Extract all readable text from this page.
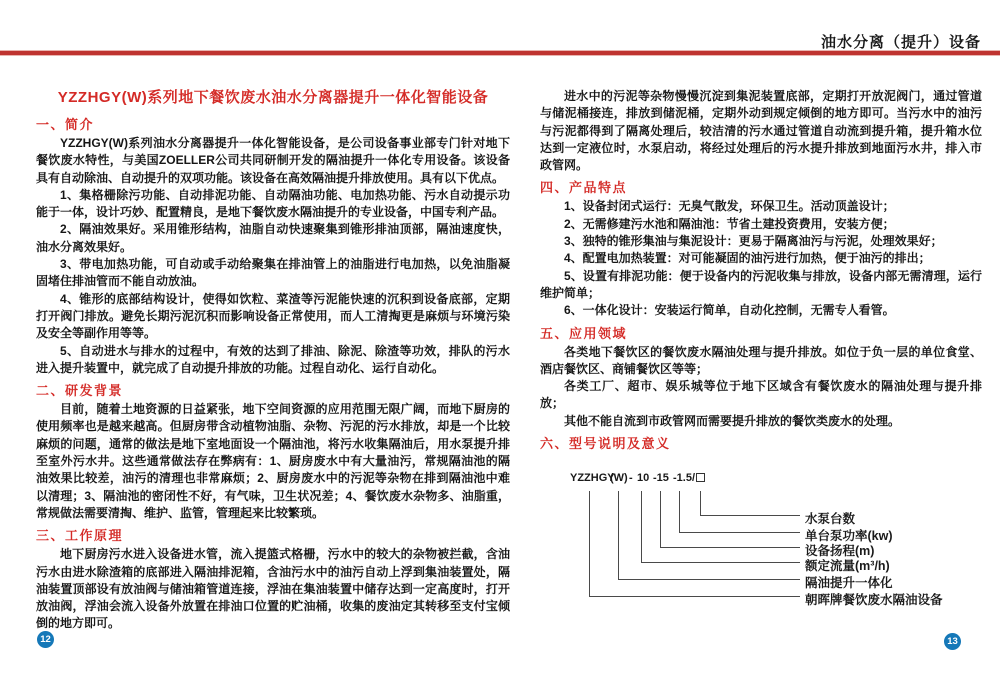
油水分离（提升）设备
YZZHGY(W)系列地下餐饮废水油水分离器提升一体化智能设备
一、简介

YZZHGY(W)系列油水分离器提升一体化智能设备，是公司设备事业部专门针对地下餐饮废水特性，与美国ZOELLER公司共同研制开发的隔油提升一体化专用设备。该设备具有自动除油、自动提升的双项功能。该设备在高效隔油提升排放使用。具有以下优点。

1、集格栅除污功能、自动排泥功能、自动隔油功能、电加热功能、污水自动提示功能于一体，设计巧妙、配置精良，是地下餐饮废水隔油提升的专业设备，中国专利产品。

2、隔油效果好。采用锥形结构，油脂自动快速聚集到锥形排油顶部，隔油速度快，油水分离效果好。

3、带电加热功能，可自动或手动给聚集在排油管上的油脂进行电加热，以免油脂凝固堵住排油管而不能自动放油。

4、锥形的底部结构设计，使得如饮粒、菜渣等污泥能快速的沉积到设备底部，定期打开阀门排放。避免长期污泥沉积而影响设备正常使用，而人工清掏更是麻烦与环境污染及安全等副作用等等。

5、自动进水与排水的过程中，有效的达到了排油、除泥、除渣等功效，排队的污水进入提升装置中，就完成了自动提升排放的功能。过程自动化、运行自动化。

二、研发背景

目前，随着土地资源的日益紧张，地下空间资源的应用范围无限广阔，而地下厨房的使用频率也是越来越高。但厨房带含动植物油脂、杂物、污泥的污水排放，却是一个比较麻烦的问题，通常的做法是地下室地面设一个隔油池，将污水收集隔油后，用水泵提升排至室外污水井。这些通常做法存在弊病有：1、厨房废水中有大量油污，常规隔油池的隔油效果比较差，油污的清理也非常麻烦；2、厨房废水中的污泥等杂物在排到隔油池中难以清理；3、隔油池的密闭性不好，有气味，卫生状况差；4、餐饮废水杂物多、油脂重，常规做法需要清掏、维护、监管，管理起来比较繁琐。

三、工作原理

地下厨房污水进入设备进水管，流入提篮式格栅，污水中的较大的杂物被拦截，含油污水由进水除渣箱的底部进入隔油排泥箱，含油污水中的油污自动上浮到集油装置处，隔油装置顶部设有放油阀与储油箱管道连接，浮油在集油装置中储存达到一定高度时，打开放油阀，浮油会流入设备外放置在排油口位置的贮油桶，收集的废油定其转移至支付宝倾倒的地方即可。

进水中的污泥等杂物慢慢沉淀到集泥装置底部，定期打开放泥阀门，通过管道与储泥桶接连，排放到储泥桶，定期外动到规定倾倒的地方即可。当污水中的油污与污泥都得到了隔离处理后，较洁清的污水通过管道自动流到提升箱，提升箱水位达到一定液位时，水泵启动，将经过处理后的污水提升排放到地面污水井，排入市政管网。

四、产品特点

1、设备封闭式运行：无臭气散发，环保卫生。活动顶盖设计；

2、无需修建污水池和隔油池：节省土建投资费用，安装方便；

3、独特的锥形集油与集泥设计：更易于隔离油污与污泥，处理效果好；

4、配置电加热装置：对可能凝固的油污进行加热，便于油污的排出；

5、设置有排泥功能：便于设备内的污泥收集与排放，设备内部无需清理，运行维护简单；

6、一体化设计：安装运行简单，自动化控制，无需专人看管。

五、应用领域

各类地下餐饮区的餐饮废水隔油处理与提升排放。如位于负一层的单位食堂、酒店餐饮区、商铺餐饮区等等；

各类工厂、超市、娱乐城等位于地下区域含有餐饮废水的隔油处理与提升排放；

其他不能自流到市政管网而需要提升排放的餐饮类废水的处理。

六、型号说明及意义
YZZHGY
(W) - 10 -15 -1.5/
水泵台数
单台泵功率(kw)
设备扬程(m)
额定流量(m³/h)
隔油提升一体化
朝晖牌餐饮废水隔油设备
12	13
